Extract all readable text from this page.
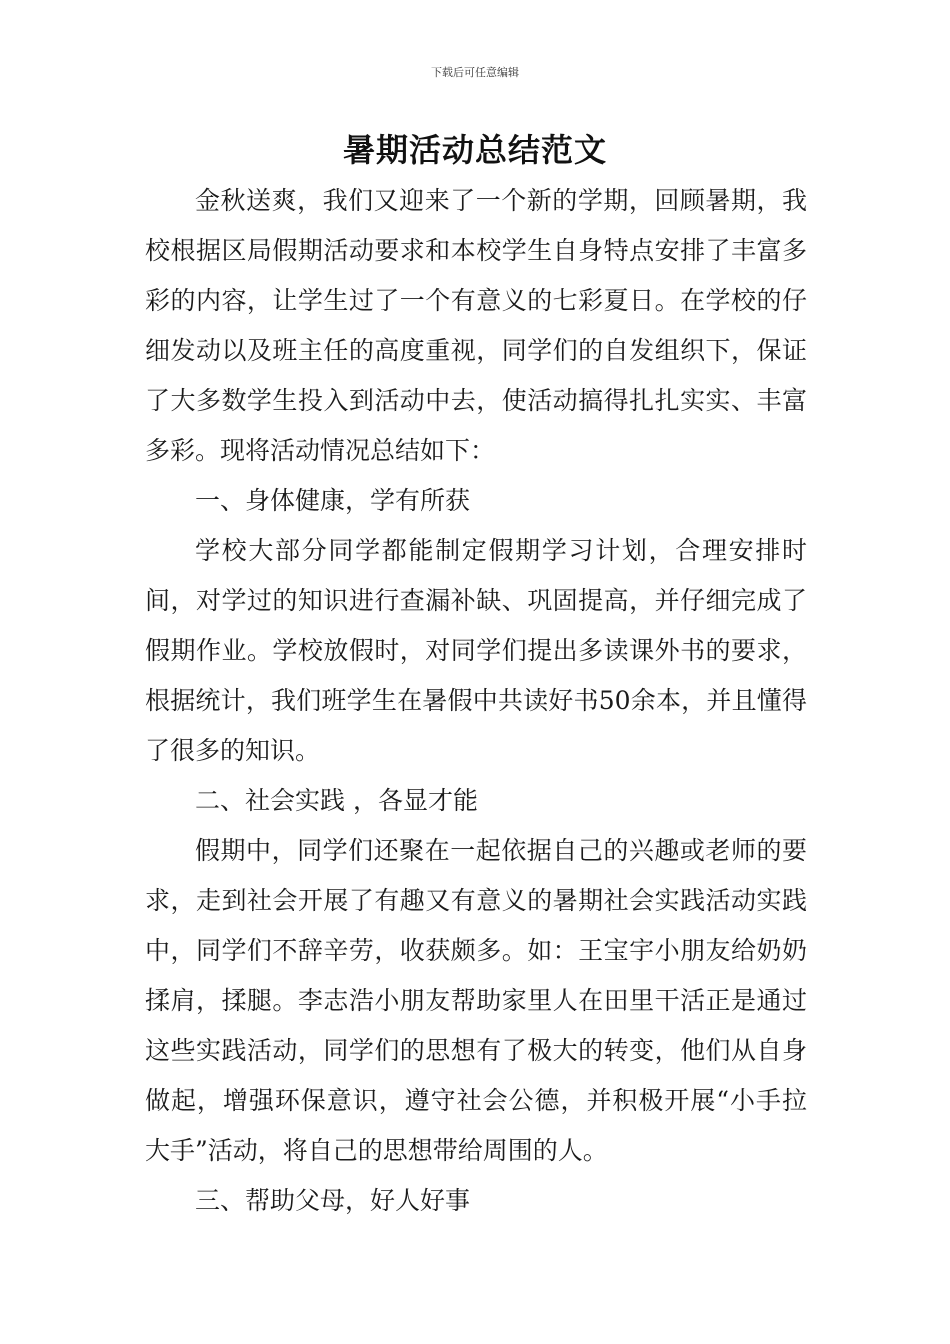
下载后可任意编辑
暑期活动总结范文

金秋送爽，我们又迎来了一个新的学期，回顾暑期，我校根据区局假期活动要求和本校学生自身特点安排了丰富多彩的内容，让学生过了一个有意义的七彩夏日。在学校的仔细发动以及班主任的高度重视，同学们的自发组织下，保证了大多数学生投入到活动中去，使活动搞得扎扎实实、丰富多彩。现将活动情况总结如下：

一、身体健康，学有所获

学校大部分同学都能制定假期学习计划，合理安排时间，对学过的知识进行查漏补缺、巩固提高，并仔细完成了假期作业。学校放假时，对同学们提出多读课外书的要求，根据统计，我们班学生在暑假中共读好书50余本，并且懂得了很多的知识。

二、社会实践 ，各显才能

假期中，同学们还聚在一起依据自己的兴趣或老师的要求，走到社会开展了有趣又有意义的暑期社会实践活动实践中，同学们不辞辛劳，收获颇多。如：王宝宇小朋友给奶奶揉肩，揉腿。李志浩小朋友帮助家里人在田里干活正是通过这些实践活动，同学们的思想有了极大的转变，他们从自身做起，增强环保意识，遵守社会公德，并积极开展“小手拉大手”活动，将自己的思想带给周围的人。

三、帮助父母，好人好事
